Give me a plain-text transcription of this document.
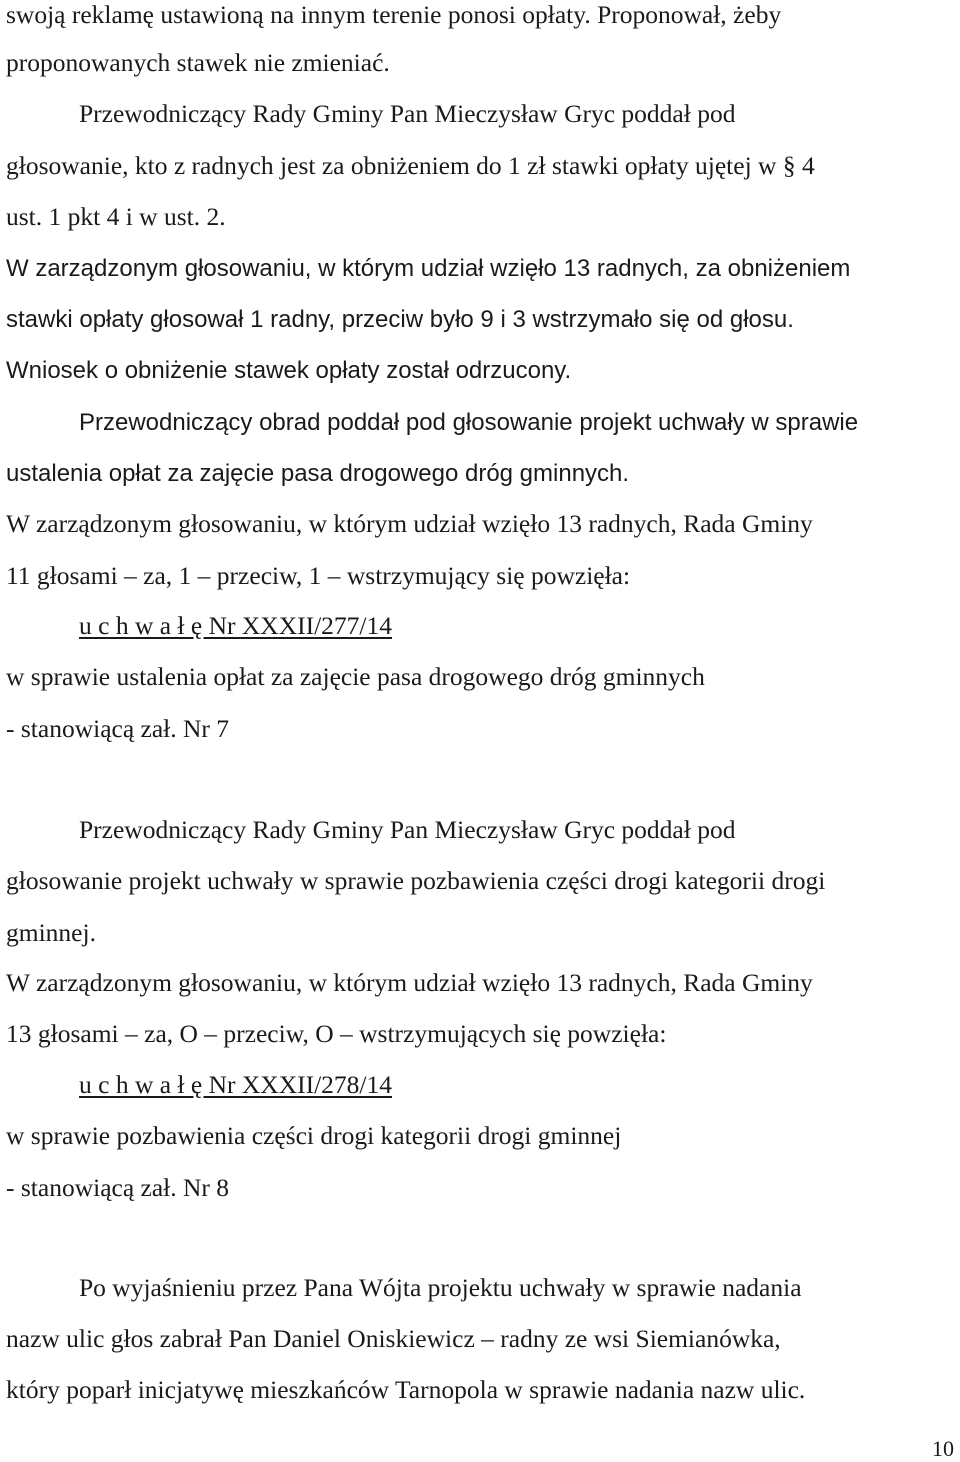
swoją reklamę ustawioną na innym terenie ponosi opłaty. Proponował, żeby

proponowanych stawek nie zmieniać.

Przewodniczący Rady Gminy Pan Mieczysław Gryc poddał pod

głosowanie, kto z radnych jest za obniżeniem do 1 zł stawki opłaty ujętej w § 4

ust. 1 pkt 4 i w ust. 2.

W zarządzonym głosowaniu, w którym udział wzięło 13 radnych, za obniżeniem

stawki opłaty głosował 1 radny, przeciw było 9 i 3 wstrzymało się od głosu.

Wniosek o obniżenie stawek opłaty został odrzucony.

Przewodniczący obrad poddał pod głosowanie projekt uchwały w sprawie

ustalenia opłat za zajęcie pasa drogowego dróg gminnych.

W zarządzonym głosowaniu, w którym udział wzięło 13 radnych, Rada Gminy

11 głosami – za, 1 – przeciw, 1 – wstrzymujący się powzięła:

u c h w a ł ę Nr XXXII/277/14

w sprawie ustalenia opłat za zajęcie pasa drogowego dróg gminnych

- stanowiącą zał. Nr 7

Przewodniczący Rady Gminy Pan Mieczysław Gryc poddał pod

głosowanie projekt uchwały w sprawie pozbawienia części drogi kategorii drogi

gminnej.

W zarządzonym głosowaniu, w którym udział wzięło 13 radnych, Rada Gminy

13 głosami – za, O – przeciw, O – wstrzymujących się powzięła:

u c h w a ł ę Nr XXXII/278/14

w sprawie pozbawienia części drogi kategorii drogi gminnej

- stanowiącą zał. Nr 8

Po wyjaśnieniu przez Pana Wójta projektu uchwały w sprawie nadania

nazw ulic głos zabrał Pan Daniel Oniskiewicz – radny ze wsi Siemianówka,

który poparł inicjatywę mieszkańców Tarnopola w sprawie nadania nazw ulic.

10
